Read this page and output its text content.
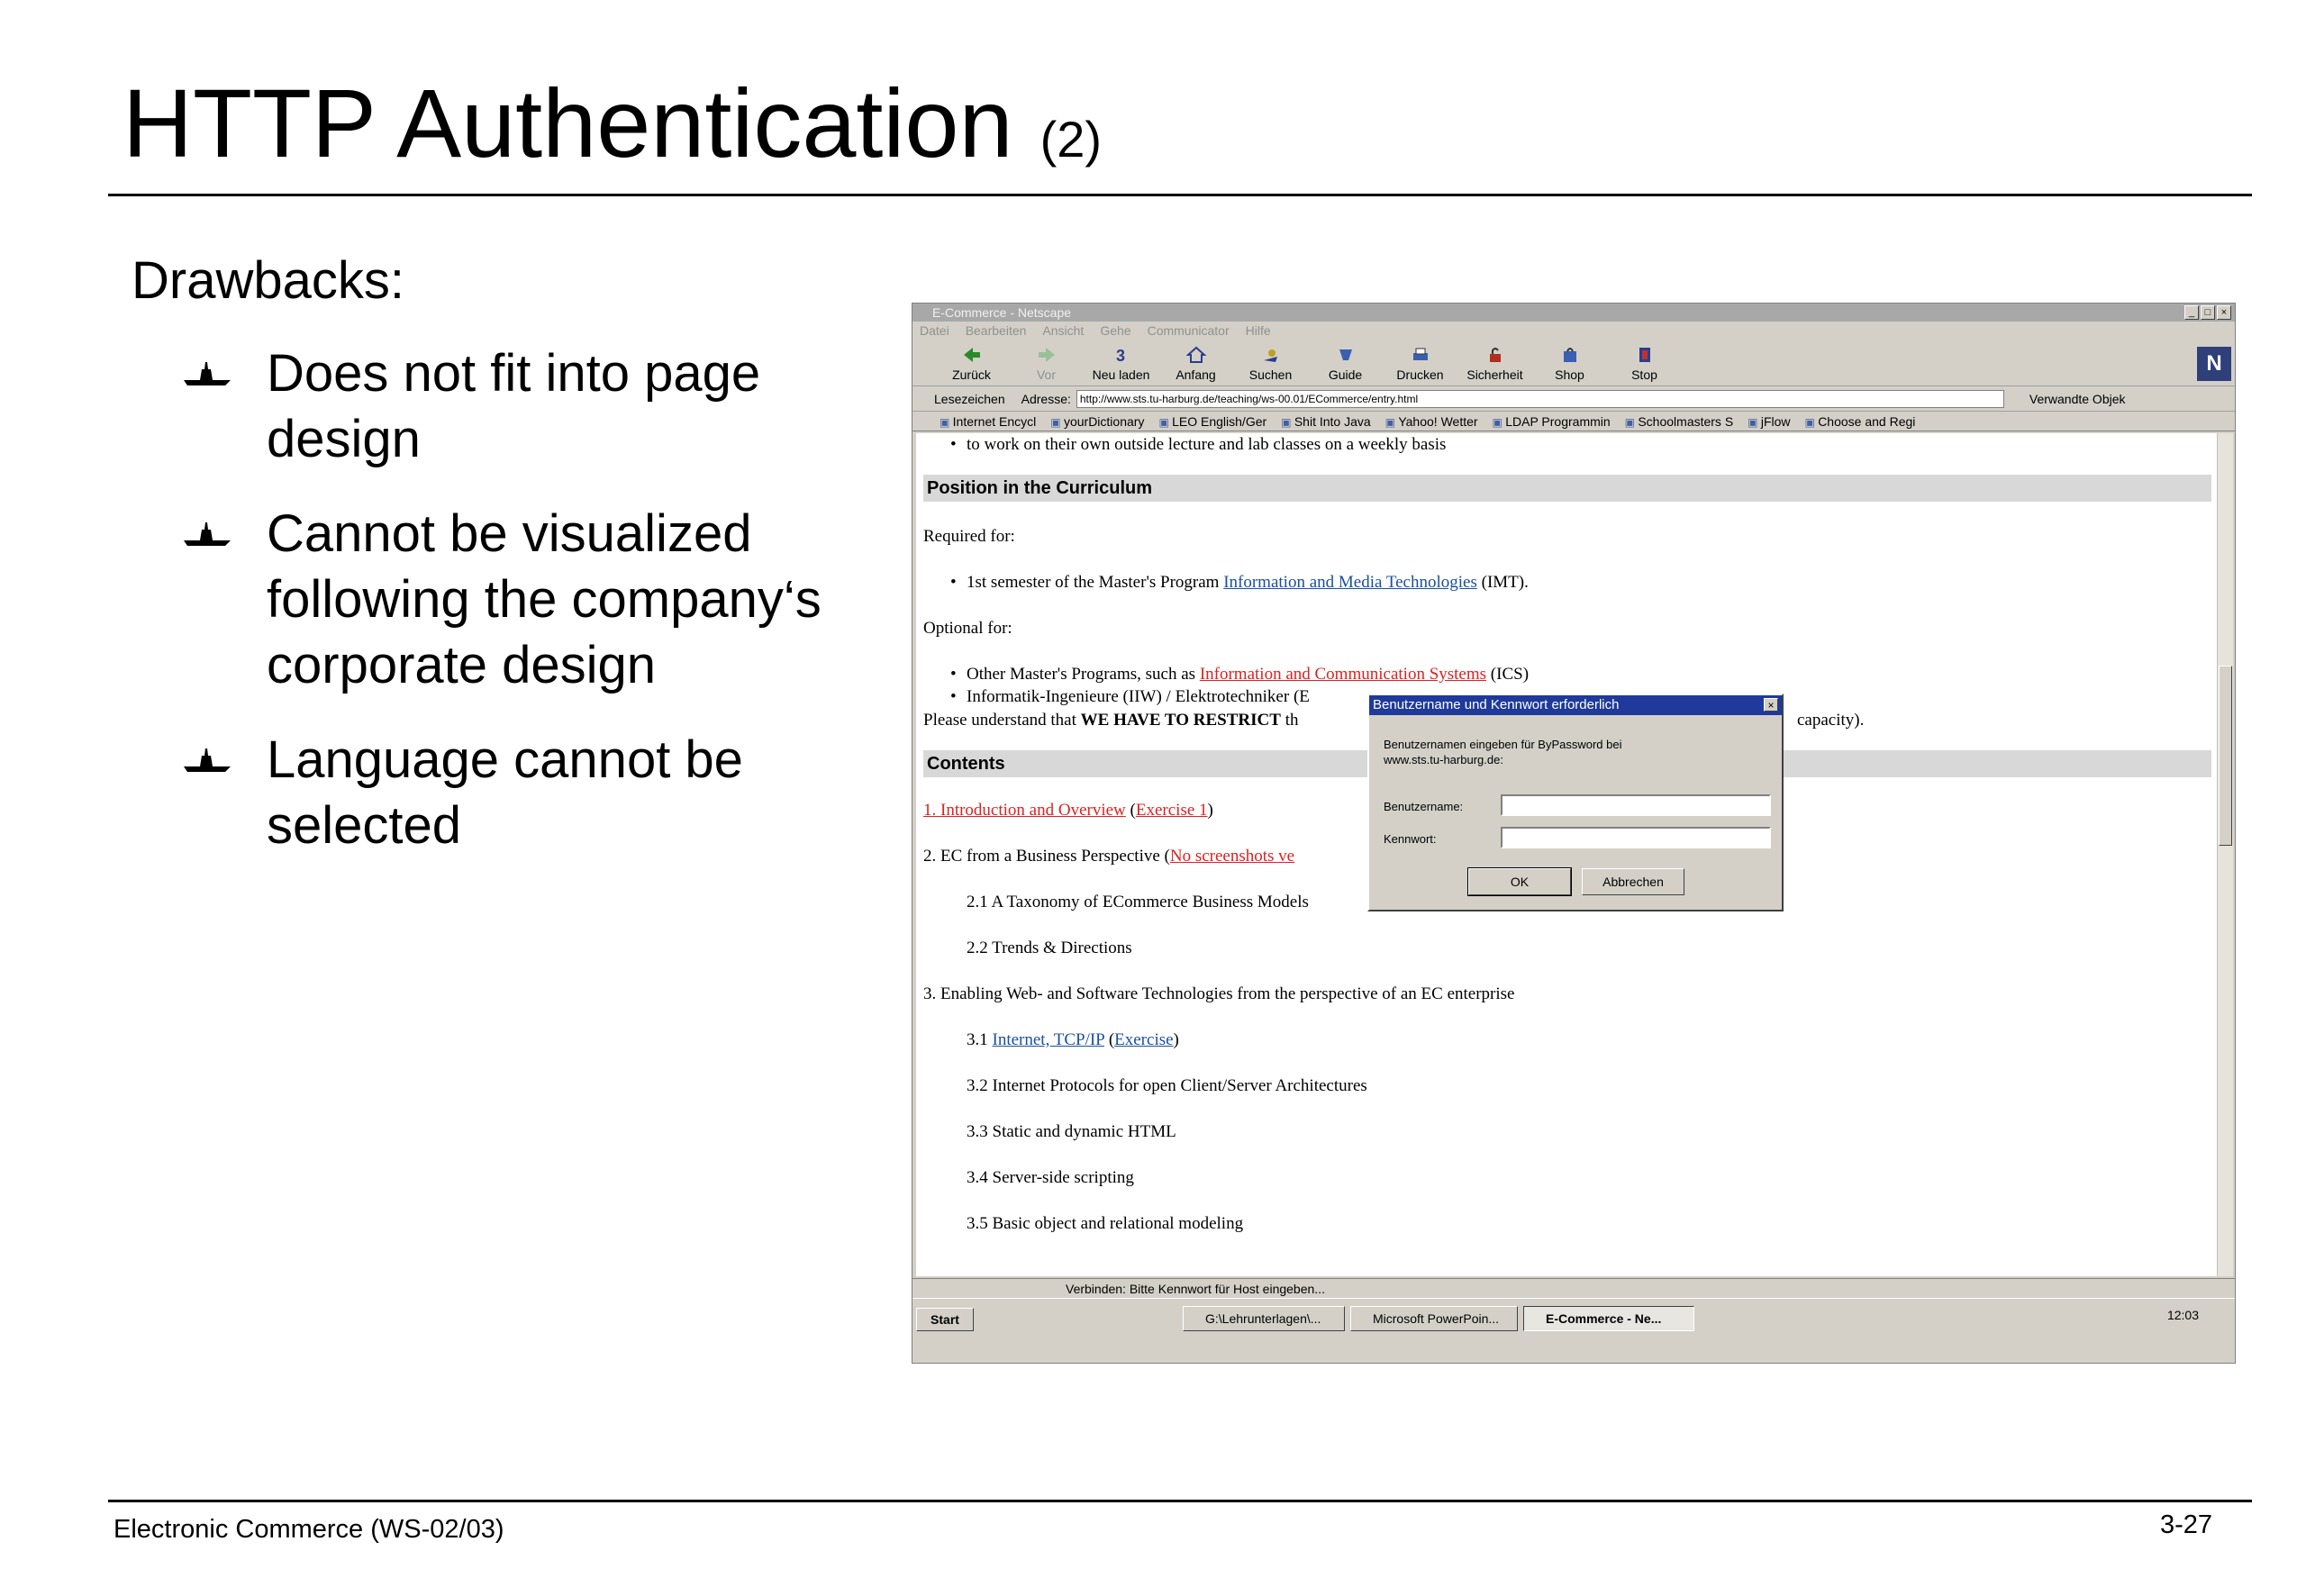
HTTP Authentication (2)
Drawbacks:
Does not fit into page design
Cannot be visualized following the company‘s corporate design
Language cannot be selected
E-Commerce - Netscape	_	□	×
Datei Bearbeiten Ansicht Gehe Communicator Hilfe
Zurück	Vor
3
Neu laden	Anfang	Suchen	Guide	Drucken	Sicherheit	Shop	Stop	N
Lesezeichen Adresse: http://www.sts.tu-harburg.de/teaching/ws-00.01/ECommerce/entry.html	Verwandte Objek
▣ Internet Encycl	▣ yourDictionary	▣ LEO English/Ger	▣ Shit Into Java	▣ Yahoo! Wetter	▣ LDAP Programmin	▣ Schoolmasters S	▣ jFlow	▣ Choose and Regi
• to work on their own outside lecture and lab classes on a weekly basis
Position in the Curriculum
Required for:
• 1st semester of the Master's Program Information and Media Technologies (IMT).
Optional for:
• Other Master's Programs, such as Information and Communication Systems (ICS)
• Informatik-Ingenieure (IIW) / Elektrotechniker (E
Please understand that WE HAVE TO RESTRICT th	capacity).
Contents
1. Introduction and Overview (Exercise 1)
2. EC from a Business Perspective (No screenshots ve
2.1 A Taxonomy of ECommerce Business Models
2.2 Trends & Directions
3. Enabling Web- and Software Technologies from the perspective of an EC enterprise
3.1 Internet, TCP/IP (Exercise)
3.2 Internet Protocols for open Client/Server Architectures
3.3 Static and dynamic HTML
3.4 Server-side scripting
3.5 Basic object and relational modeling
Verbinden: Bitte Kennwort für Host eingeben...
Start	G:\Lehrunterlagen\...	Microsoft PowerPoin...	E-Commerce - Ne...	12:03
Benutzername und Kennwort erforderlich	×
Benutzernamen eingeben für ByPassword bei www.sts.tu-harburg.de:
Benutzername:
Kennwort:
OK	Abbrechen
Electronic Commerce (WS-02/03)	3-27
